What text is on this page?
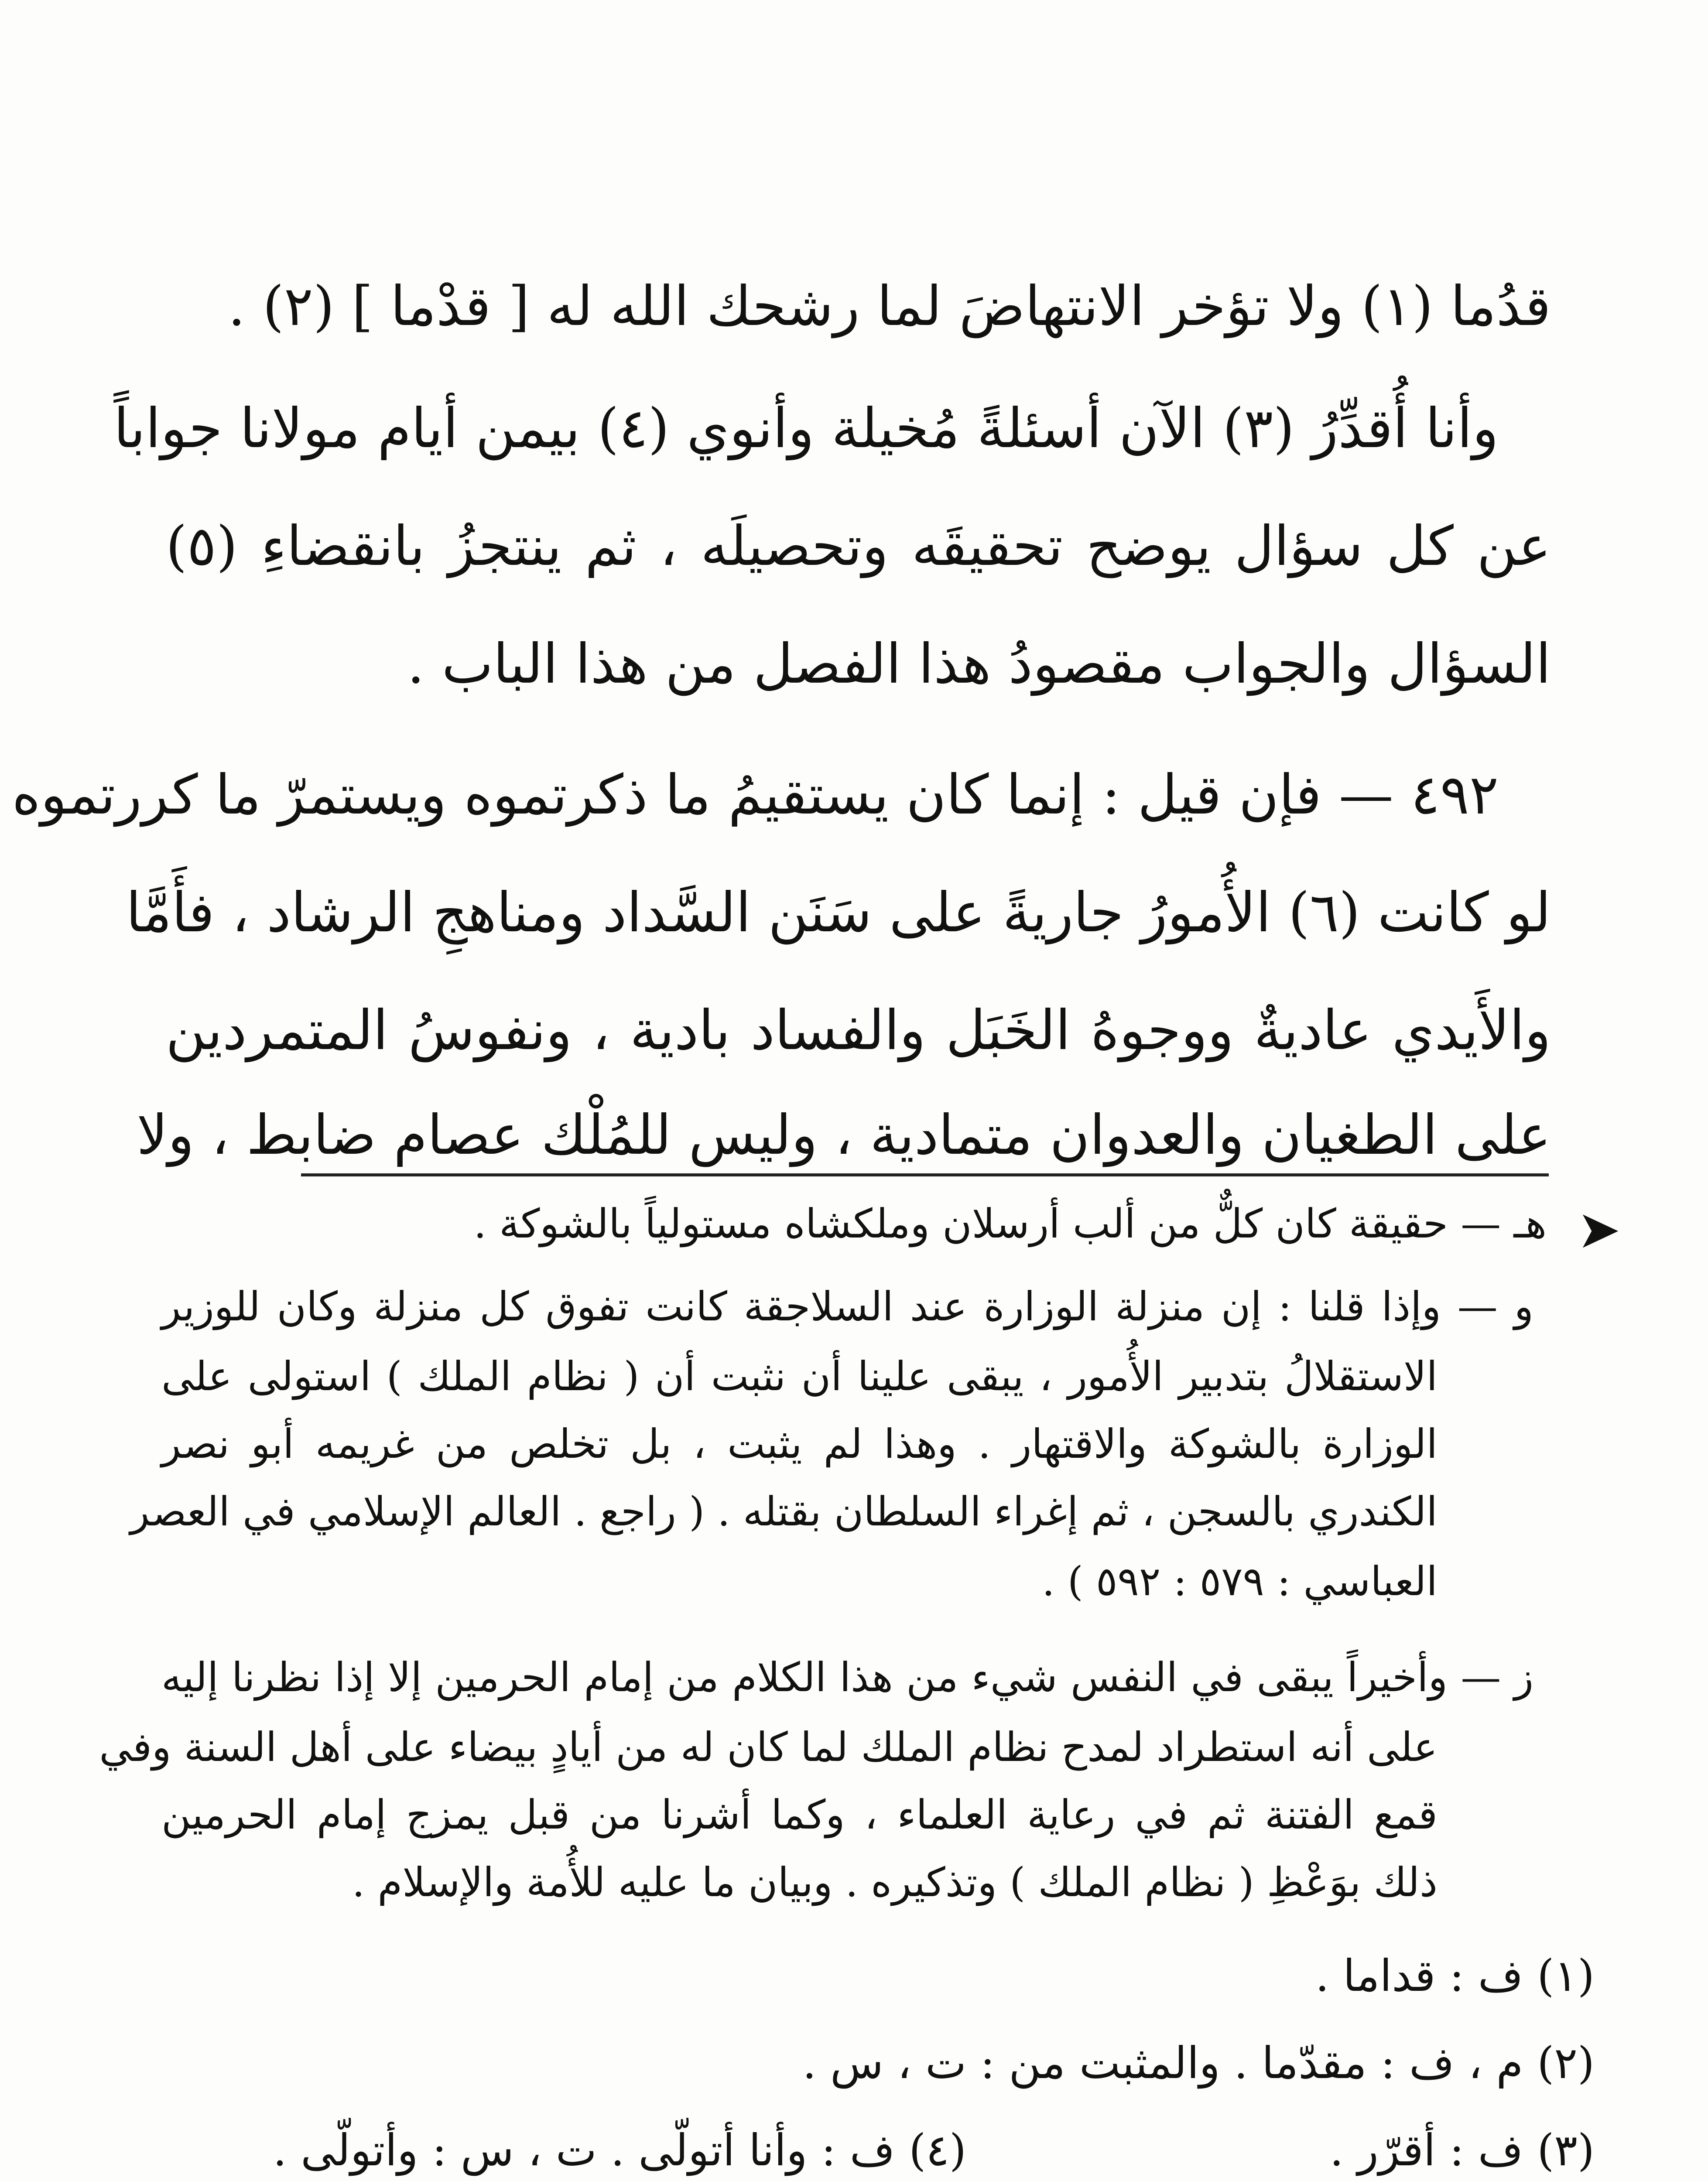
قدُما (١) ولا تؤخر الانتهاضَ لما رشحك الله له [ قدْما ] (٢) .
وأنا أُقدِّرُ (٣) الآن أسئلةً مُخيلة وأنوي (٤) بيمن أيام مولانا جواباً
عن كل سؤال يوضح تحقيقَه وتحصيلَه ، ثم ينتجزُ بانقضاءِ (٥)
السؤال والجواب مقصودُ هذا الفصل من هذا الباب .
٤٩٢ — فإن قيل : إنما كان يستقيمُ ما ذكرتموه ويستمرّ ما كررتموه
لو كانت (٦) الأُمورُ جاريةً على سَنَن السَّداد ومناهجِ الرشاد ، فأَمَّا
والأَيدي عاديةٌ ووجوهُ الخَبَل والفساد بادية ، ونفوسُ المتمردين
على الطغيان والعدوان متمادية ، وليس للمُلْك عصام ضابط ، ولا
➤
هـ — حقيقة كان كلٌّ من ألب أرسلان وملكشاه مستولياً بالشوكة .
و — وإذا قلنا : إن منزلة الوزارة عند السلاجقة كانت تفوق كل منزلة وكان للوزير
الاستقلالُ بتدبير الأُمور ، يبقى علينا أن نثبت أن ( نظام الملك ) استولى على
الوزارة بالشوكة والاقتهار . وهذا لم يثبت ، بل تخلص من غريمه أبو نصر
الكندري بالسجن ، ثم إغراء السلطان بقتله . ( راجع . العالم الإسلامي في العصر
العباسي : ٥٧٩ : ٥٩٢ ) .
ز — وأخيراً يبقى في النفس شيء من هذا الكلام من إمام الحرمين إلا إذا نظرنا إليه
على أنه استطراد لمدح نظام الملك لما كان له من أيادٍ بيضاء على أهل السنة وفي
قمع الفتنة ثم في رعاية العلماء ، وكما أشرنا من قبل يمزج إمام الحرمين
ذلك بوَعْظِ ( نظام الملك ) وتذكيره . وبيان ما عليه للأُمة والإسلام .
(١) ف : قداما .
(٢) م ، ف : مقدّما . والمثبت من : ت ، س .
(٣) ف : أقرّر .
(٤) ف : وأنا أتولّى . ت ، س : وأتولّى .
